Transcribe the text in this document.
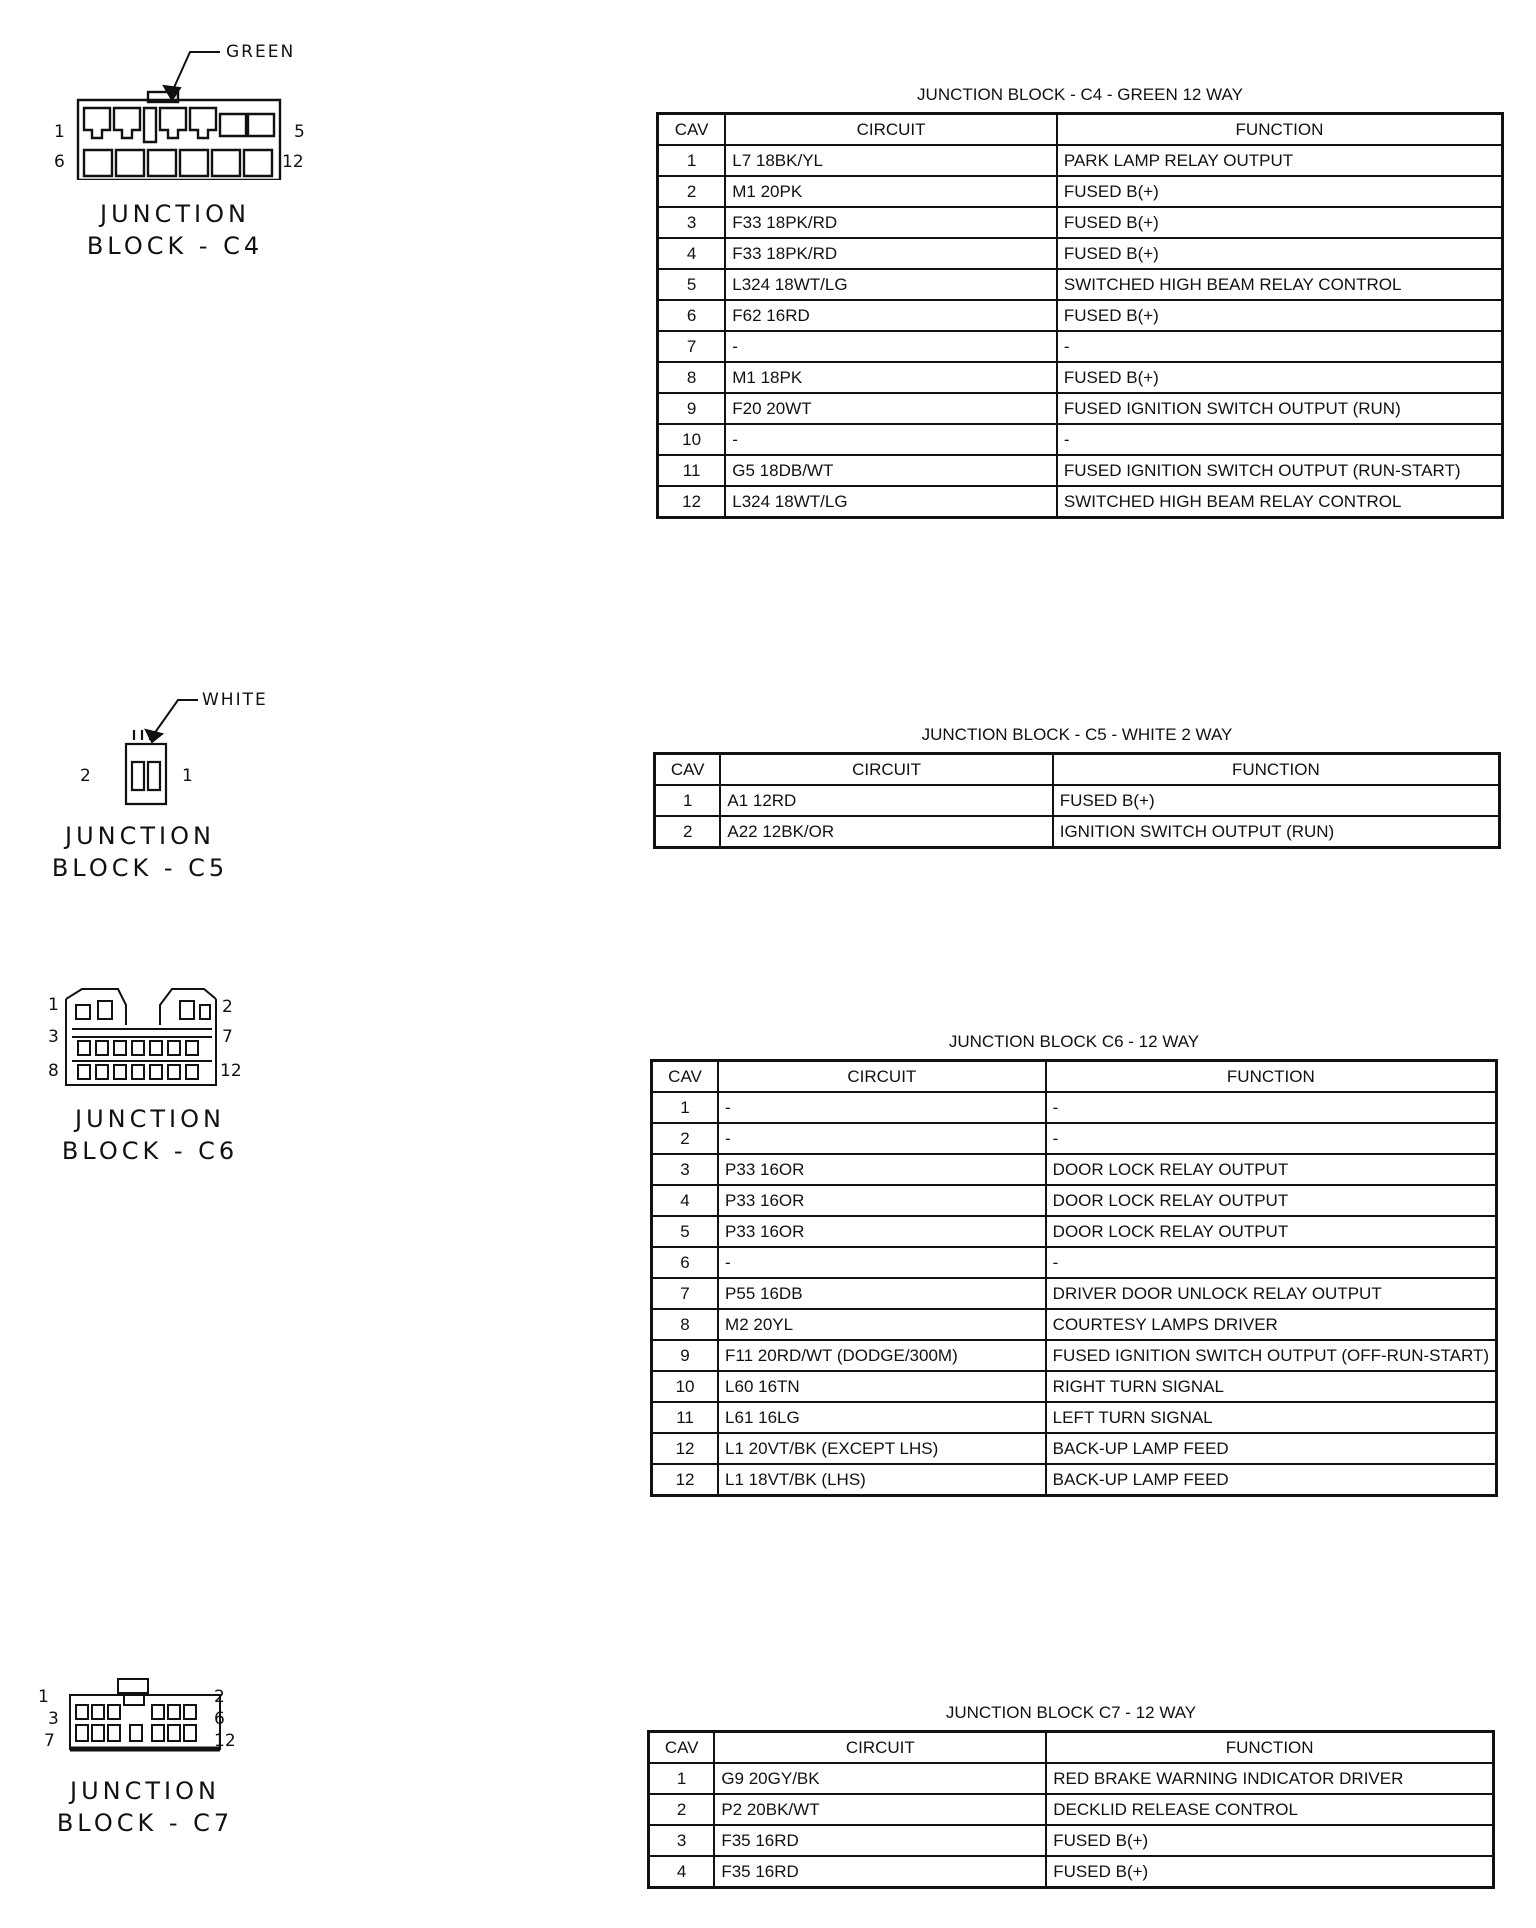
GREEN
1	5
6	12
JUNCTION
BLOCK - C4
WHITE
2	1
JUNCTION
BLOCK - C5
1	2
3	7
8	12
JUNCTION
BLOCK - C6
1	2
3	6
7	12
JUNCTION
BLOCK - C7
JUNCTION BLOCK - C4 - GREEN 12 WAY
CAV	CIRCUIT	FUNCTION
1	L7 18BK/YL	PARK LAMP RELAY OUTPUT
2	M1 20PK	FUSED B(+)
3	F33 18PK/RD	FUSED B(+)
4	F33 18PK/RD	FUSED B(+)
5	L324 18WT/LG	SWITCHED HIGH BEAM RELAY CONTROL
6	F62 16RD	FUSED B(+)
7	-	-
8	M1 18PK	FUSED B(+)
9	F20 20WT	FUSED IGNITION SWITCH OUTPUT (RUN)
10	-	-
11	G5 18DB/WT	FUSED IGNITION SWITCH OUTPUT (RUN-START)
12	L324 18WT/LG	SWITCHED HIGH BEAM RELAY CONTROL
JUNCTION BLOCK - C5 - WHITE 2 WAY
CAV	CIRCUIT	FUNCTION
1	A1 12RD	FUSED B(+)
2	A22 12BK/OR	IGNITION SWITCH OUTPUT (RUN)
JUNCTION BLOCK C6 - 12 WAY
CAV	CIRCUIT	FUNCTION
1	-	-
2	-	-
3	P33 16OR	DOOR LOCK RELAY OUTPUT
4	P33 16OR	DOOR LOCK RELAY OUTPUT
5	P33 16OR	DOOR LOCK RELAY OUTPUT
6	-	-
7	P55 16DB	DRIVER DOOR UNLOCK RELAY OUTPUT
8	M2 20YL	COURTESY LAMPS DRIVER
9	F11 20RD/WT (DODGE/300M)	FUSED IGNITION SWITCH OUTPUT (OFF-RUN-START)
10	L60 16TN	RIGHT TURN SIGNAL
11	L61 16LG	LEFT TURN SIGNAL
12	L1 20VT/BK (EXCEPT LHS)	BACK-UP LAMP FEED
12	L1 18VT/BK (LHS)	BACK-UP LAMP FEED
JUNCTION BLOCK C7 - 12 WAY
CAV	CIRCUIT	FUNCTION
1	G9 20GY/BK	RED BRAKE WARNING INDICATOR DRIVER
2	P2 20BK/WT	DECKLID RELEASE CONTROL
3	F35 16RD	FUSED B(+)
4	F35 16RD	FUSED B(+)
